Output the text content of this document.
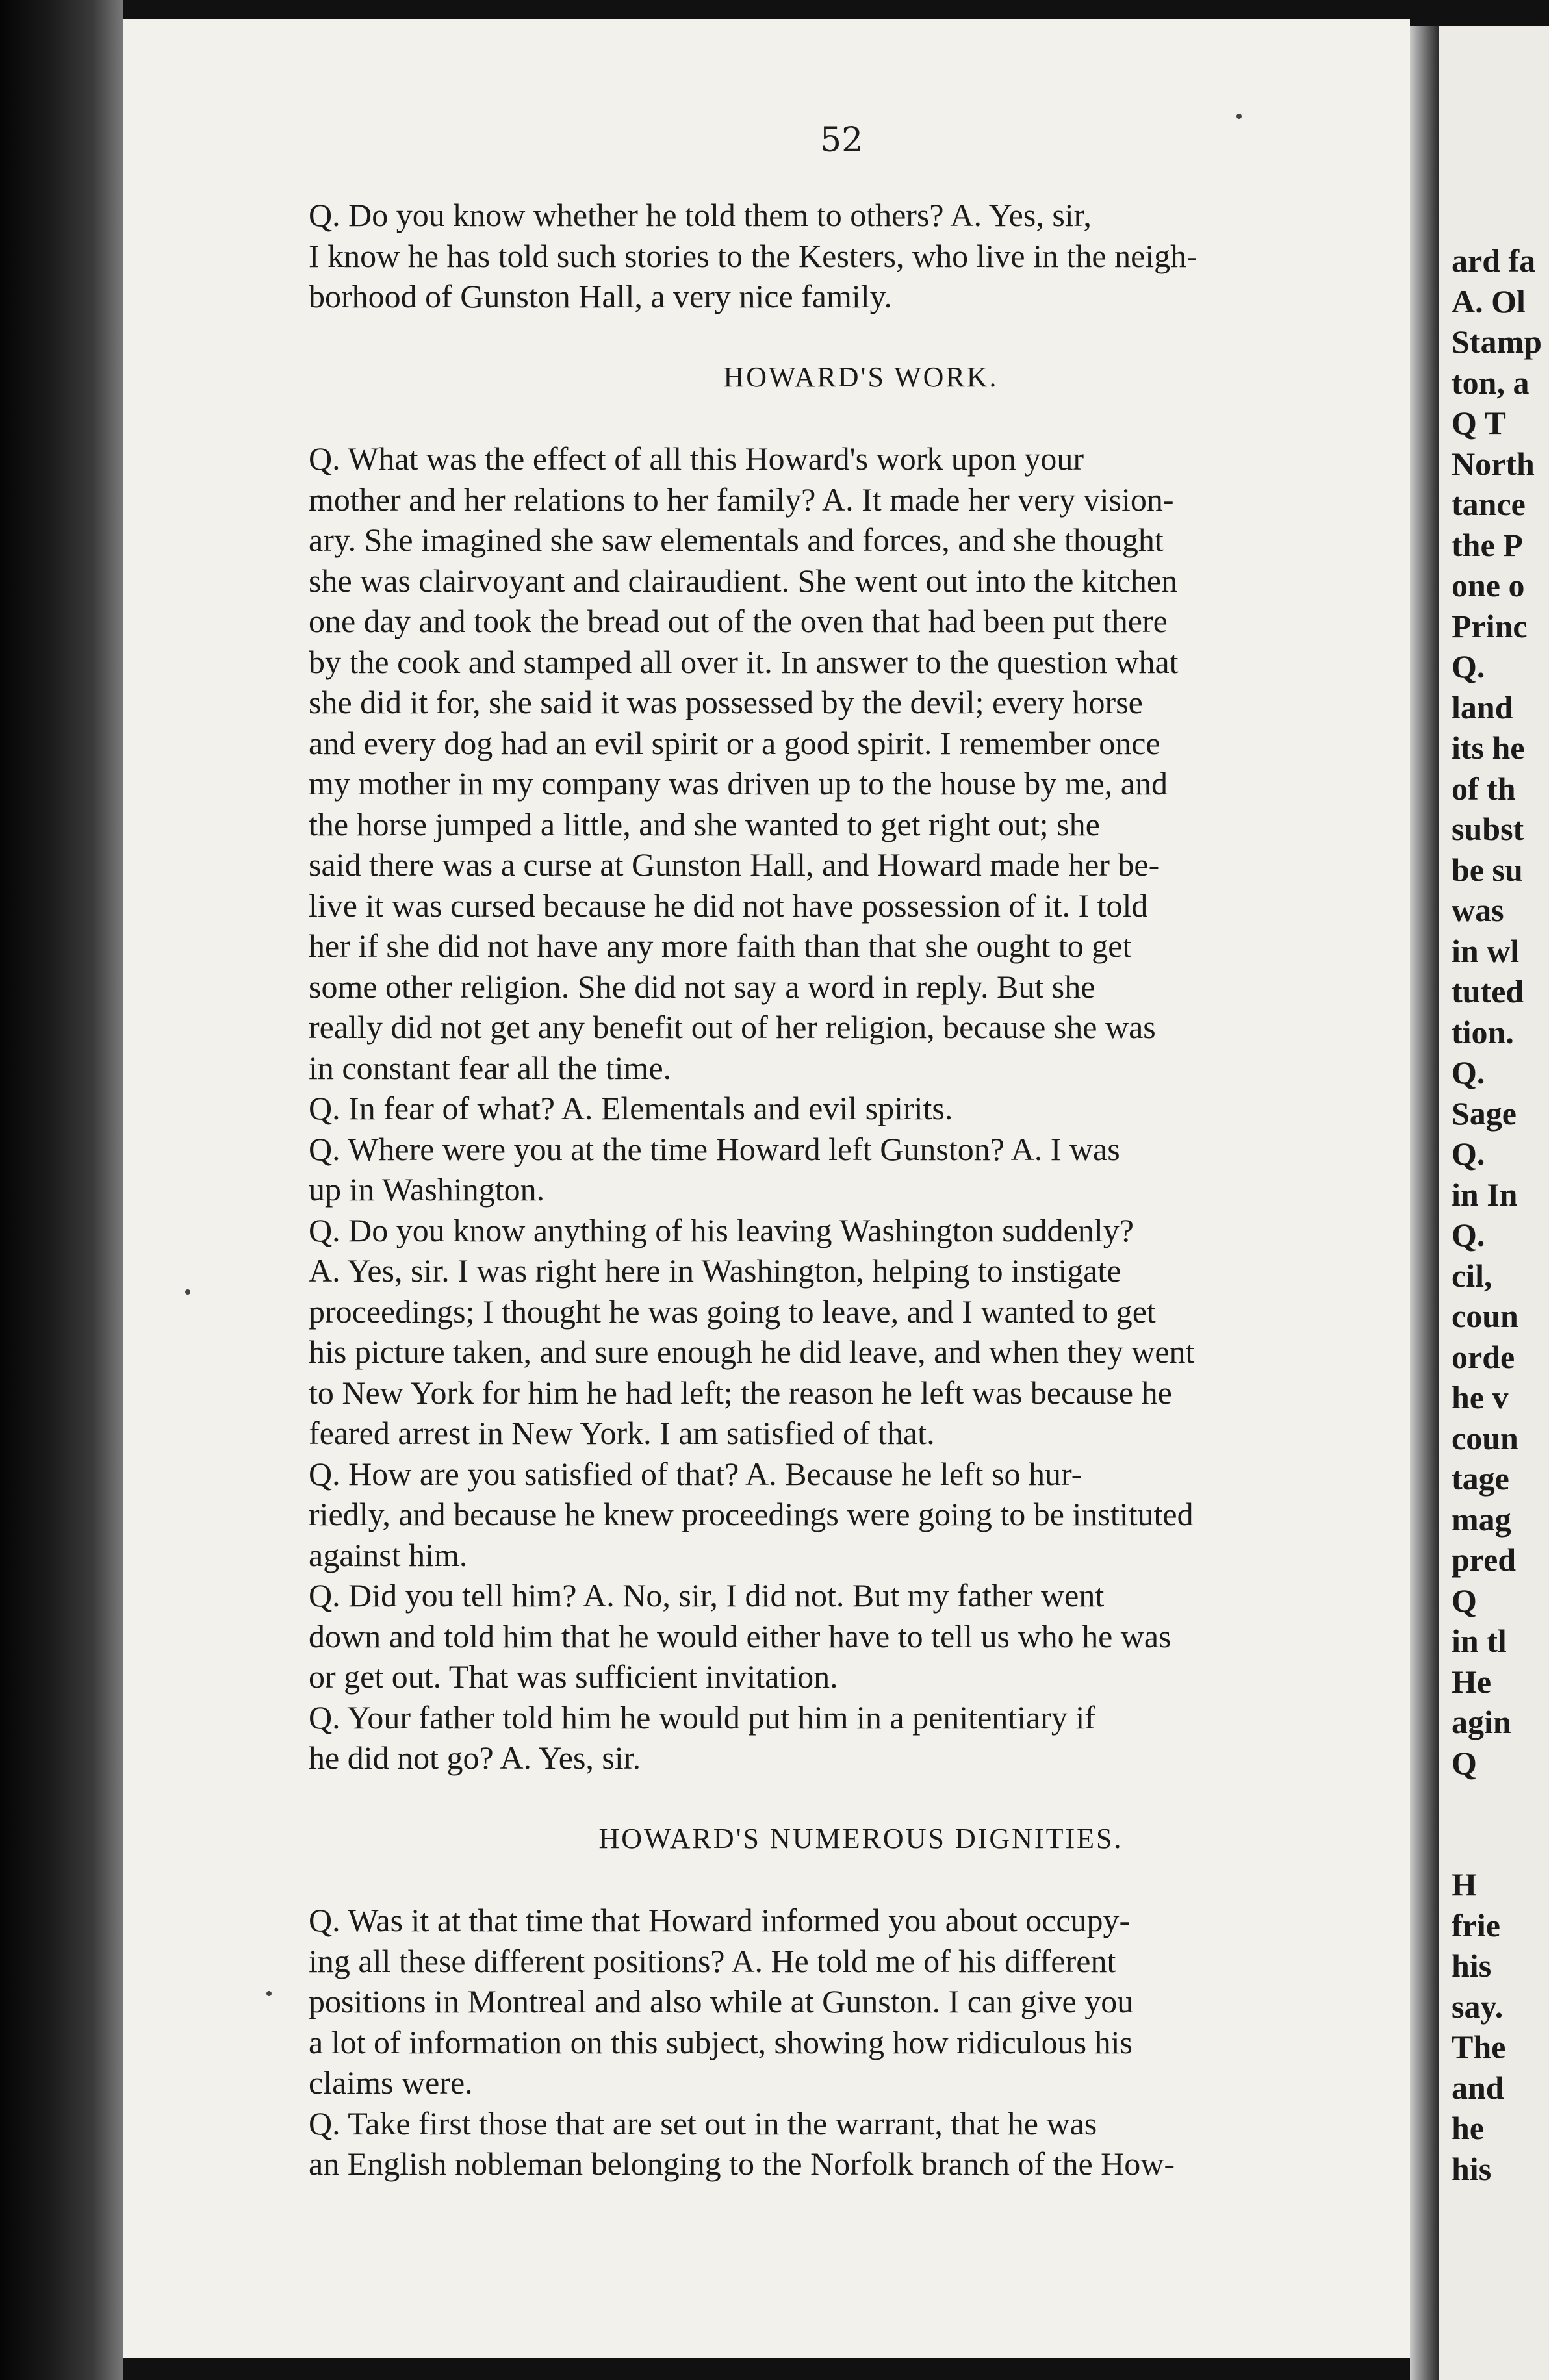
52
Q. Do you know whether he told them to others? A. Yes, sir,
I know he has told such stories to the Kesters, who live in the neigh-
borhood of Gunston Hall, a very nice family.
HOWARD'S WORK.
Q. What was the effect of all this Howard's work upon your
mother and her relations to her family? A. It made her very vision-
ary. She imagined she saw elementals and forces, and she thought
she was clairvoyant and clairaudient. She went out into the kitchen
one day and took the bread out of the oven that had been put there
by the cook and stamped all over it. In answer to the question what
she did it for, she said it was possessed by the devil; every horse
and every dog had an evil spirit or a good spirit. I remember once
my mother in my company was driven up to the house by me, and
the horse jumped a little, and she wanted to get right out; she
said there was a curse at Gunston Hall, and Howard made her be-
live it was cursed because he did not have possession of it. I told
her if she did not have any more faith than that she ought to get
some other religion. She did not say a word in reply. But she
really did not get any benefit out of her religion, because she was
in constant fear all the time.
Q. In fear of what? A. Elementals and evil spirits.
Q. Where were you at the time Howard left Gunston? A. I was
up in Washington.
Q. Do you know anything of his leaving Washington suddenly?
A. Yes, sir. I was right here in Washington, helping to instigate
proceedings; I thought he was going to leave, and I wanted to get
his picture taken, and sure enough he did leave, and when they went
to New York for him he had left; the reason he left was because he
feared arrest in New York. I am satisfied of that.
Q. How are you satisfied of that? A. Because he left so hur-
riedly, and because he knew proceedings were going to be instituted
against him.
Q. Did you tell him? A. No, sir, I did not. But my father went
down and told him that he would either have to tell us who he was
or get out. That was sufficient invitation.
Q. Your father told him he would put him in a penitentiary if
he did not go? A. Yes, sir.
HOWARD'S NUMEROUS DIGNITIES.
Q. Was it at that time that Howard informed you about occupy-
ing all these different positions? A. He told me of his different
positions in Montreal and also while at Gunston. I can give you
a lot of information on this subject, showing how ridiculous his
claims were.
Q. Take first those that are set out in the warrant, that he was
an English nobleman belonging to the Norfolk branch of the How-
ard fa
A. Ol
Stamp
ton, a
Q T
North
tance
the P
one o
Princ
Q.
land
its he
of th
subst
be su
was
in wl
tuted
tion.
Q.
Sage
Q.
in In
Q.
cil,
coun
orde
he v
coun
tage
mag
pred
Q
in tl
He
agin
Q
H
frie
his
say.
The
and
he
his
